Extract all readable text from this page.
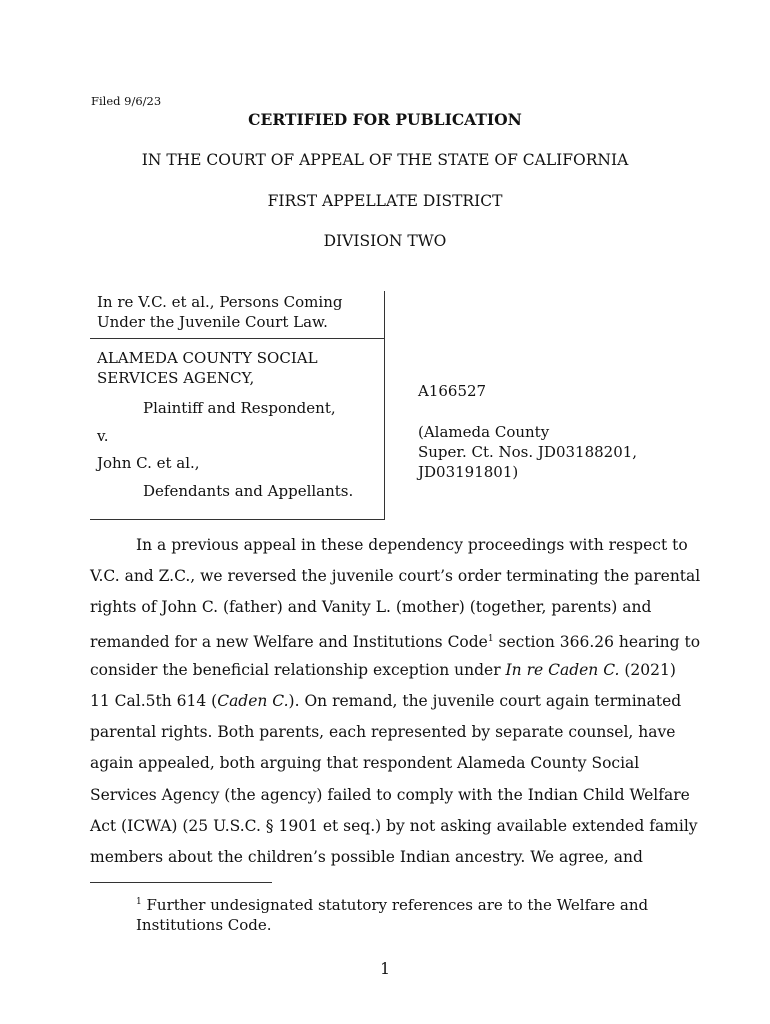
Filed 9/6/23
CERTIFIED FOR PUBLICATION
IN THE COURT OF APPEAL OF THE STATE OF CALIFORNIA
FIRST APPELLATE DISTRICT
DIVISION TWO
In re V.C. et al., Persons Coming Under the Juvenile Court Law.
ALAMEDA COUNTY SOCIAL SERVICES AGENCY,
Plaintiff and Respondent,
v.
John C. et al.,
Defendants and Appellants.
A166527
(Alameda County
Super. Ct. Nos. JD03188201,
JD03191801)
In a previous appeal in these dependency proceedings with respect to
V.C. and Z.C., we reversed the juvenile court’s order terminating the parental
rights of John C. (father) and Vanity L. (mother) (together, parents) and
remanded for a new Welfare and Institutions Code$^1$ section 366.26 hearing to
consider the beneficial relationship exception under In re Caden C. (2021)
11 Cal.5th 614 (Caden C.). On remand, the juvenile court again terminated
parental rights. Both parents, each represented by separate counsel, have
again appealed, both arguing that respondent Alameda County Social
Services Agency (the agency) failed to comply with the Indian Child Welfare
Act (ICWA) (25 U.S.C. § 1901 et seq.) by not asking available extended family
members about the children’s possible Indian ancestry. We agree, and
$^1$ Further undesignated statutory references are to the Welfare and Institutions Code.
1
